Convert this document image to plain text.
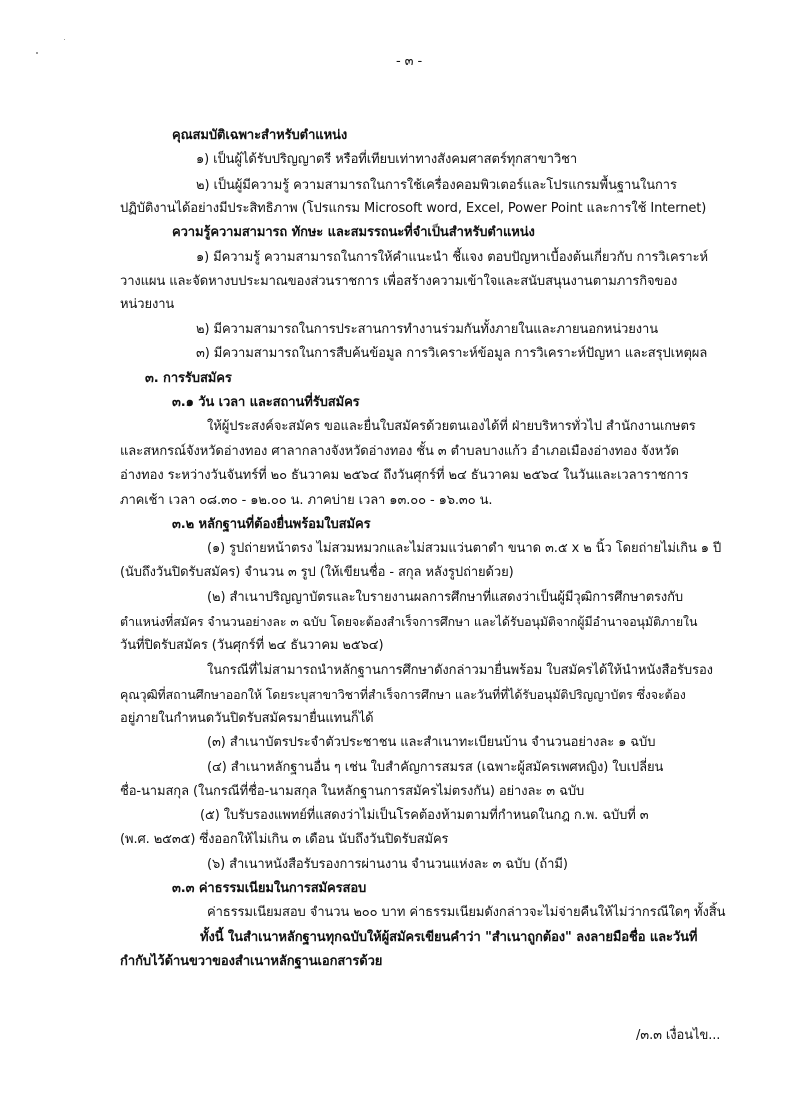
- ๓ -
คุณสมบัติเฉพาะสำหรับตำแหน่ง
๑) เป็นผู้ได้รับปริญญาตรี หรือที่เทียบเท่าทางสังคมศาสตร์ทุกสาขาวิชา
๒) เป็นผู้มีความรู้ ความสามารถในการใช้เครื่องคอมพิวเตอร์และโปรแกรมพื้นฐานในการ
ปฏิบัติงานได้อย่างมีประสิทธิภาพ (โปรแกรม Microsoft word, Excel, Power Point และการใช้ Internet)
ความรู้ความสามารถ ทักษะ และสมรรถนะที่จำเป็นสำหรับตำแหน่ง
๑) มีความรู้ ความสามารถในการให้คำแนะนำ ชี้แจง ตอบปัญหาเบื้องต้นเกี่ยวกับ การวิเคราะห์
วางแผน และจัดหางบประมาณของส่วนราชการ เพื่อสร้างความเข้าใจและสนับสนุนงานตามภารกิจของ
หน่วยงาน
๒) มีความสามารถในการประสานการทำงานร่วมกันทั้งภายในและภายนอกหน่วยงาน
๓) มีความสามารถในการสืบค้นข้อมูล การวิเคราะห์ข้อมูล การวิเคราะห์ปัญหา และสรุปเหตุผล
๓. การรับสมัคร
๓.๑ วัน เวลา และสถานที่รับสมัคร
ให้ผู้ประสงค์จะสมัคร ขอและยื่นใบสมัครด้วยตนเองได้ที่ ฝ่ายบริหารทั่วไป สำนักงานเกษตร
และสหกรณ์จังหวัดอ่างทอง ศาลากลางจังหวัดอ่างทอง ชั้น ๓ ตำบลบางแก้ว อำเภอเมืองอ่างทอง จังหวัด
อ่างทอง ระหว่างวันจันทร์ที่ ๒๐ ธันวาคม ๒๕๖๔ ถึงวันศุกร์ที่ ๒๔ ธันวาคม ๒๕๖๔ ในวันและเวลาราชการ
ภาคเช้า เวลา ๐๘.๓๐ - ๑๒.๐๐ น. ภาคบ่าย เวลา ๑๓.๐๐ - ๑๖.๓๐ น.
๓.๒ หลักฐานที่ต้องยื่นพร้อมใบสมัคร
(๑) รูปถ่ายหน้าตรง ไม่สวมหมวกและไม่สวมแว่นตาดำ ขนาด ๓.๕ x ๒ นิ้ว โดยถ่ายไม่เกิน ๑ ปี
(นับถึงวันปิดรับสมัคร) จำนวน ๓ รูป (ให้เขียนชื่อ - สกุล หลังรูปถ่ายด้วย)
(๒) สำเนาปริญญาบัตรและใบรายงานผลการศึกษาที่แสดงว่าเป็นผู้มีวุฒิการศึกษาตรงกับ
ตำแหน่งที่สมัคร จำนวนอย่างละ ๓ ฉบับ โดยจะต้องสำเร็จการศึกษา และได้รับอนุมัติจากผู้มีอำนาจอนุมัติภายใน
วันที่ปิดรับสมัคร (วันศุกร์ที่ ๒๔ ธันวาคม ๒๕๖๔)
ในกรณีที่ไม่สามารถนำหลักฐานการศึกษาดังกล่าวมายื่นพร้อม ใบสมัครได้ให้นำหนังสือรับรอง
คุณวุฒิที่สถานศึกษาออกให้ โดยระบุสาขาวิชาที่สำเร็จการศึกษา และวันที่ที่ได้รับอนุมัติปริญญาบัตร ซึ่งจะต้อง
อยู่ภายในกำหนดวันปิดรับสมัครมายื่นแทนก็ได้
(๓) สำเนาบัตรประจำตัวประชาชน และสำเนาทะเบียนบ้าน จำนวนอย่างละ ๑ ฉบับ
(๔) สำเนาหลักฐานอื่น ๆ เช่น ใบสำคัญการสมรส (เฉพาะผู้สมัครเพศหญิง) ใบเปลี่ยน
ชื่อ-นามสกุล (ในกรณีที่ชื่อ-นามสกุล ในหลักฐานการสมัครไม่ตรงกัน) อย่างละ ๓ ฉบับ
(๕) ใบรับรองแพทย์ที่แสดงว่าไม่เป็นโรคต้องห้ามตามที่กำหนดในกฎ ก.พ. ฉบับที่ ๓
(พ.ศ. ๒๕๓๕) ซึ่งออกให้ไม่เกิน ๓ เดือน นับถึงวันปิดรับสมัคร
(๖) สำเนาหนังสือรับรองการผ่านงาน จำนวนแห่งละ ๓ ฉบับ (ถ้ามี)
๓.๓ ค่าธรรมเนียมในการสมัครสอบ
ค่าธรรมเนียมสอบ จำนวน ๒๐๐ บาท ค่าธรรมเนียมดังกล่าวจะไม่จ่ายคืนให้ไม่ว่ากรณีใดๆ ทั้งสิ้น
ทั้งนี้ ในสำเนาหลักฐานทุกฉบับให้ผู้สมัครเขียนคำว่า "สำเนาถูกต้อง" ลงลายมือชื่อ และวันที่
กำกับไว้ด้านขวาของสำเนาหลักฐานเอกสารด้วย
/๓.๓ เงื่อนไข...
